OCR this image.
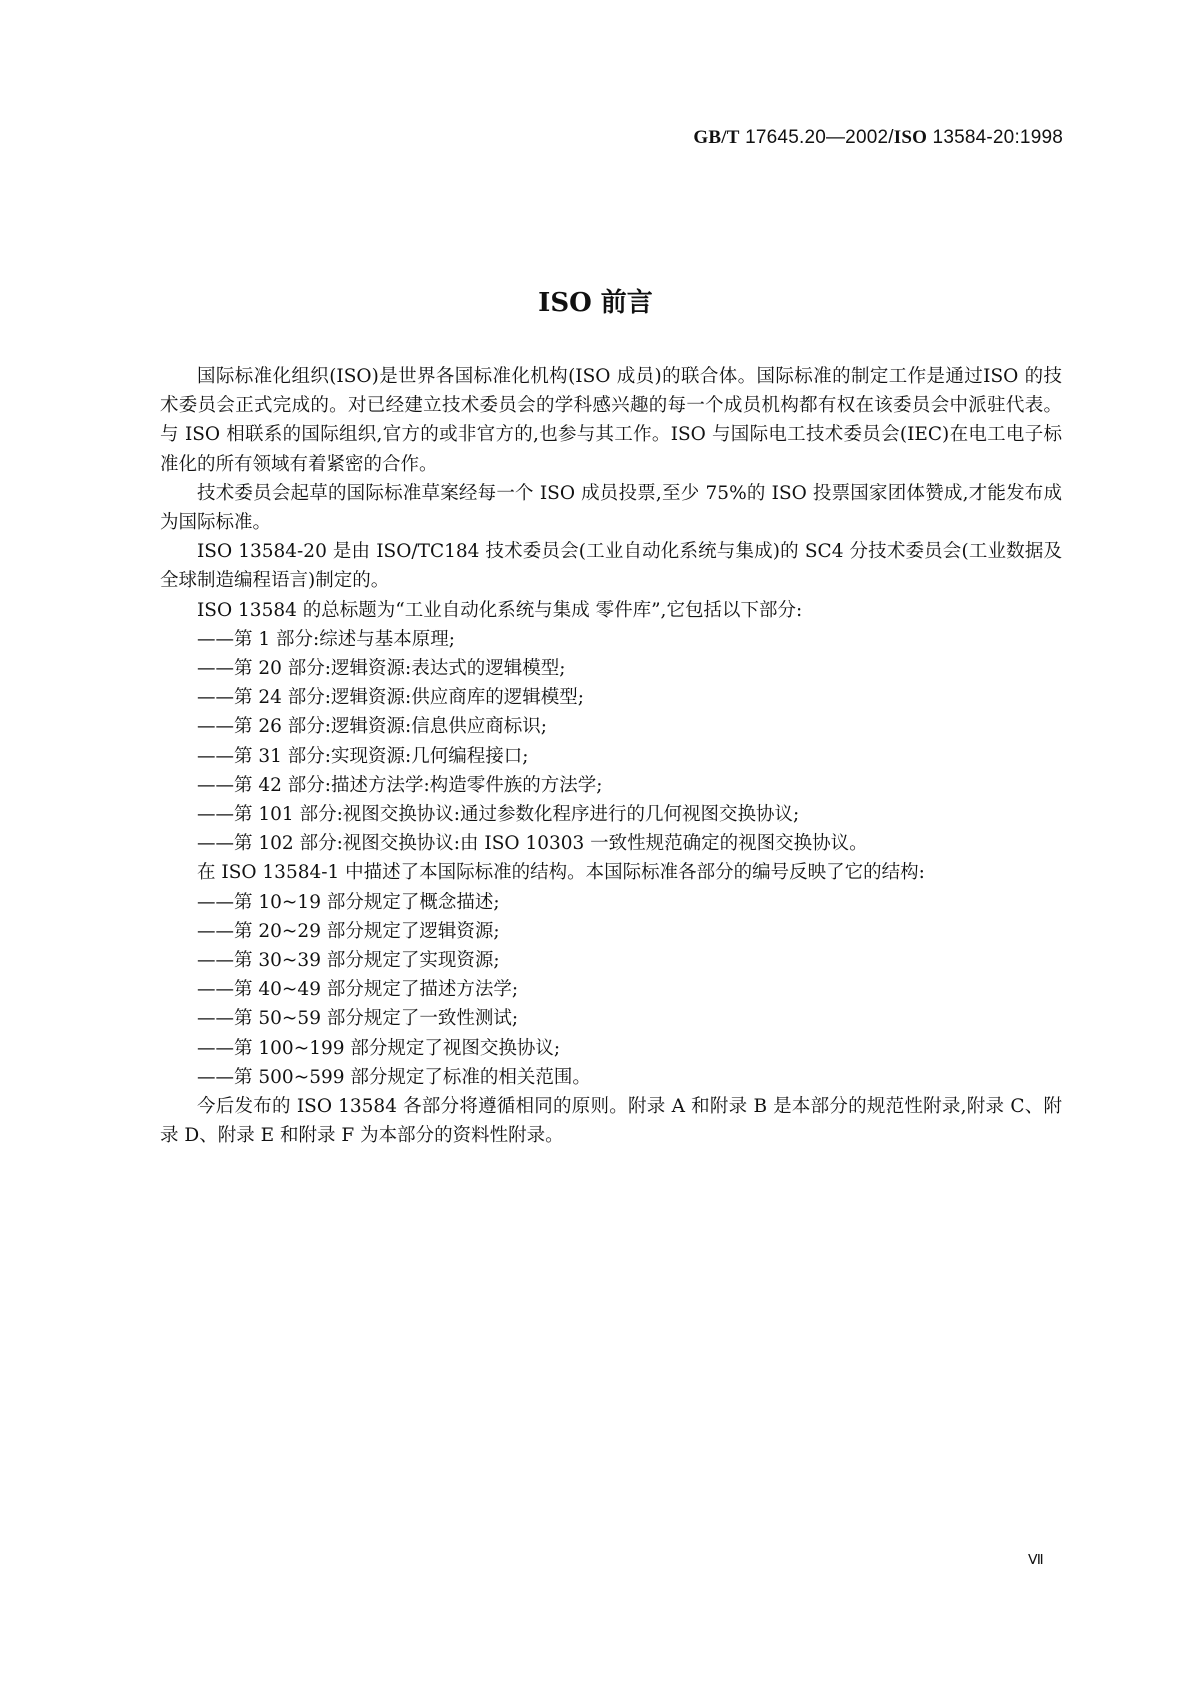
GB/T 17645.20—2002/ISO 13584-20:1998
ISO 前言

国际标准化组织(ISO)是世界各国标准化机构(ISO 成员)的联合体。国际标准的制定工作是通过ISO 的技术委员会正式完成的。对已经建立技术委员会的学科感兴趣的每一个成员机构都有权在该委员会中派驻代表。与 ISO 相联系的国际组织,官方的或非官方的,也参与其工作。ISO 与国际电工技术委员会(IEC)在电工电子标准化的所有领域有着紧密的合作。

技术委员会起草的国际标准草案经每一个 ISO 成员投票,至少 75%的 ISO 投票国家团体赞成,才能发布成为国际标准。

ISO 13584-20 是由 ISO/TC184 技术委员会(工业自动化系统与集成)的 SC4 分技术委员会(工业数据及全球制造编程语言)制定的。

ISO 13584 的总标题为“工业自动化系统与集成 零件库”,它包括以下部分:

——第 1 部分:综述与基本原理;

——第 20 部分:逻辑资源:表达式的逻辑模型;

——第 24 部分:逻辑资源:供应商库的逻辑模型;

——第 26 部分:逻辑资源:信息供应商标识;

——第 31 部分:实现资源:几何编程接口;

——第 42 部分:描述方法学:构造零件族的方法学;

——第 101 部分:视图交换协议:通过参数化程序进行的几何视图交换协议;

——第 102 部分:视图交换协议:由 ISO 10303 一致性规范确定的视图交换协议。

在 ISO 13584-1 中描述了本国际标准的结构。本国际标准各部分的编号反映了它的结构:

——第 10~19 部分规定了概念描述;

——第 20~29 部分规定了逻辑资源;

——第 30~39 部分规定了实现资源;

——第 40~49 部分规定了描述方法学;

——第 50~59 部分规定了一致性测试;

——第 100~199 部分规定了视图交换协议;

——第 500~599 部分规定了标准的相关范围。

今后发布的 ISO 13584 各部分将遵循相同的原则。附录 A 和附录 B 是本部分的规范性附录,附录 C、附录 D、附录 E 和附录 F 为本部分的资料性附录。

Ⅶ
